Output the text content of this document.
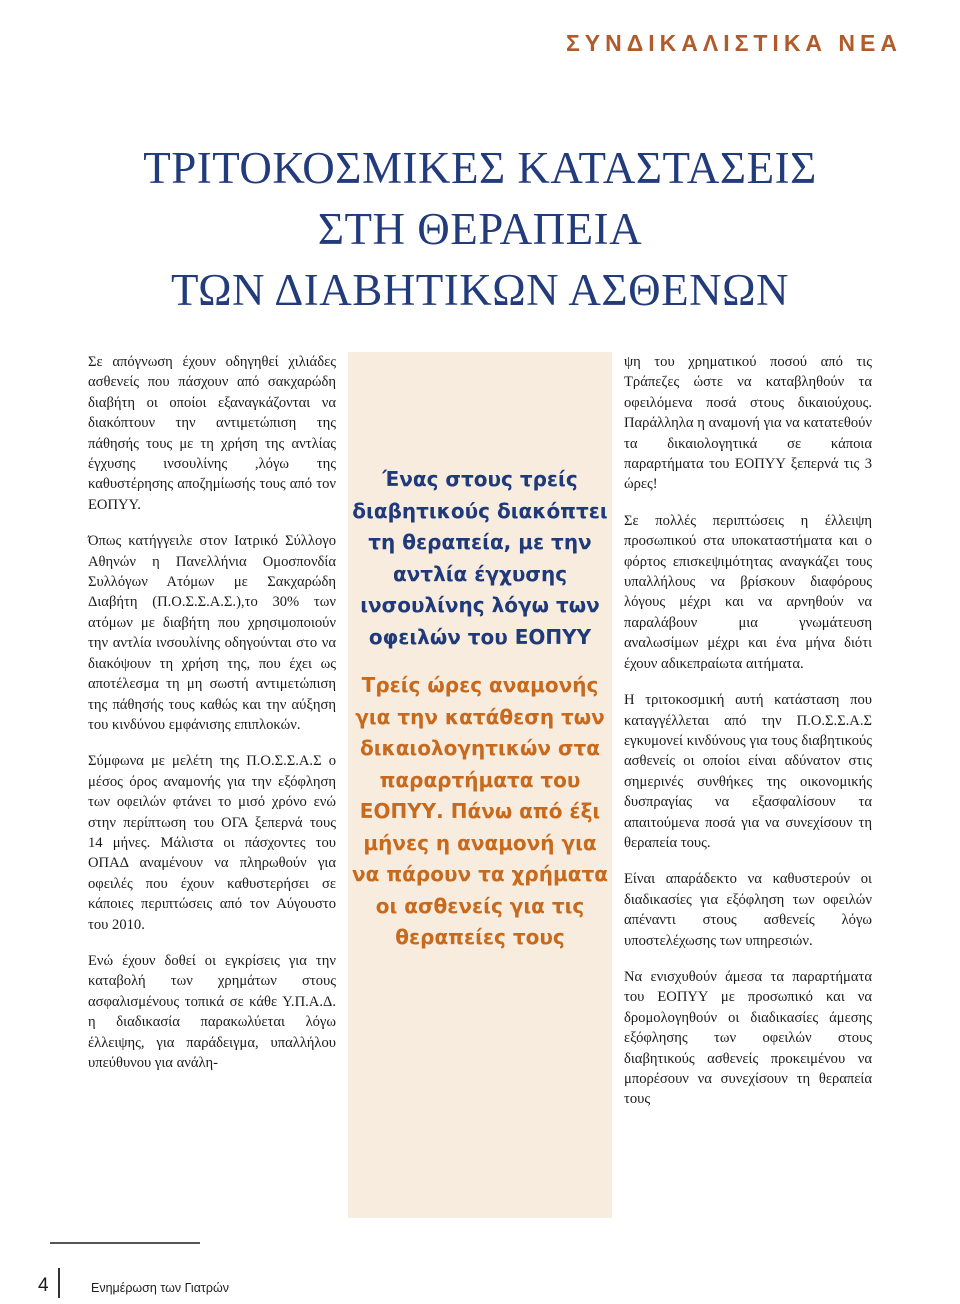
ΣΥΝΔΙΚΑΛΙΣΤΙΚΑ ΝΕΑ
ΤΡΙΤΟΚΟΣΜΙΚΕΣ ΚΑΤΑΣΤΑΣΕΙΣ
ΣΤΗ ΘΕΡΑΠΕΙΑ
ΤΩΝ ΔΙΑΒΗΤΙΚΩΝ ΑΣΘΕΝΩΝ

Σε απόγνωση έχουν οδηγηθεί χιλιάδες ασθενείς που πάσχουν από σακχαρώδη διαβήτη οι οποίοι εξαναγκάζονται να διακόπτουν την αντιμετώπιση της πάθησής τους με τη χρήση της αντλίας έγχυσης ινσουλίνης ,λόγω της καθυστέρησης αποζημίωσής τους από τον ΕΟΠΥΥ.

Όπως κατήγγειλε στον Ιατρικό Σύλλογο Αθηνών η Πανελλήνια Ομοσπονδία Συλλόγων Ατόμων με Σακχαρώδη Διαβήτη (Π.Ο.Σ.Σ.Α.Σ.),το 30% των ατόμων με διαβήτη που χρησιμοποιούν την αντλία ινσουλίνης οδηγούνται στο να διακόψουν τη χρήση της, που έχει ως αποτέλεσμα τη μη σωστή αντιμετώπιση της πάθησής τους καθώς και την αύξηση του κινδύνου εμφάνισης επιπλοκών.

Σύμφωνα με μελέτη της Π.Ο.Σ.Σ.Α.Σ ο μέσος όρος αναμονής για την εξόφληση των οφειλών φτάνει το μισό χρόνο ενώ στην περίπτωση του ΟΓΑ ξεπερνά τους 14 μήνες. Μάλιστα οι πάσχοντες του ΟΠΑΔ αναμένουν να πληρωθούν για οφειλές που έχουν καθυστερήσει σε κάποιες περιπτώσεις από τον Αύγουστο του 2010.

Ενώ έχουν δοθεί οι εγκρίσεις για την καταβολή των χρημάτων στους ασφαλισμένους τοπικά σε κάθε Υ.Π.Α.Δ. η διαδικασία παρακωλύεται λόγω έλλειψης, για παράδειγμα, υπαλλήλου υπεύθυνου για ανάλη-

Ένας στους τρείς διαβητικούς διακόπτει τη θεραπεία, με την αντλία έγχυσης ινσουλίνης λόγω των οφειλών του ΕΟΠΥΥ

Τρείς ώρες αναμονής για την κατάθεση των δικαιολογητικών στα παραρτήματα του ΕΟΠΥΥ. Πάνω από έξι μήνες η αναμονή για να πάρουν τα χρήματα οι ασθενείς για τις θεραπείες τους

ψη του χρηματικού ποσού από τις Τράπεζες ώστε να καταβληθούν τα οφειλόμενα ποσά στους δικαιούχους. Παράλληλα η αναμονή για να κατατεθούν τα δικαιολογητικά σε κάποια παραρτήματα του ΕΟΠΥΥ ξεπερνά τις 3 ώρες!

Σε πολλές περιπτώσεις η έλλειψη προσωπικού στα υποκαταστήματα και ο φόρτος επισκεψιμότητας αναγκάζει τους υπαλλήλους να βρίσκουν διαφόρους λόγους μέχρι και να αρνηθούν να παραλάβουν μια γνωμάτευση αναλωσίμων μέχρι και ένα μήνα διότι έχουν αδικεπραίωτα αιτήματα.

Η τριτοκοσμική αυτή κατάσταση που καταγγέλλεται από την Π.Ο.Σ.Σ.Α.Σ εγκυμονεί κινδύνους για τους διαβητικούς ασθενείς οι οποίοι είναι αδύνατον στις σημερινές συνθήκες της οικονομικής δυσπραγίας να εξασφαλίσουν τα απαιτούμενα ποσά για να συνεχίσουν τη θεραπεία τους.

Είναι απαράδεκτο να καθυστερούν οι διαδικασίες για εξόφληση των οφειλών απέναντι στους ασθενείς λόγω υποστελέχωσης των υπηρεσιών.

Να ενισχυθούν άμεσα τα παραρτήματα του ΕΟΠΥΥ με προσωπικό και να δρομολογηθούν οι διαδικασίες άμεσης εξόφλησης των οφειλών στους διαβητικούς ασθενείς προκειμένου να μπορέσουν να συνεχίσουν τη θεραπεία τους

4	Ενημέρωση των Γιατρών
